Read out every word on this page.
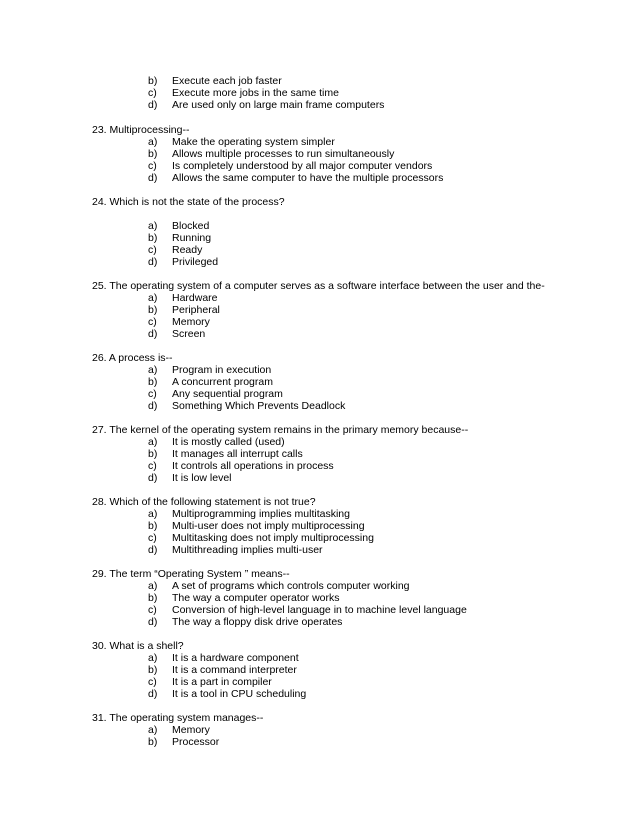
b)	Execute each job faster
c)	Execute more jobs in the same time
d)	Are used only on large main frame computers
23. Multiprocessing--
a)	Make the operating system simpler
b)	Allows multiple processes to run simultaneously
c)	Is completely understood by all major computer vendors
d)	Allows the same computer to have the multiple processors
24. Which is not the state of the process?
a)	Blocked
b)	Running
c)	Ready
d)	Privileged
25. The operating system of a computer serves as a software interface between the user and the-
a)	Hardware
b)	Peripheral
c)	Memory
d)	Screen
26. A process is--
a)	Program in execution
b)	A concurrent program
c)	Any sequential program
d)	Something Which Prevents Deadlock
27. The kernel of the operating system remains in the primary memory because--
a)	It is mostly called (used)
b)	It manages all interrupt calls
c)	It controls all operations in process
d)	It is low level
28. Which of the following statement is not true?
a)	Multiprogramming implies multitasking
b)	Multi-user does not imply multiprocessing
c)	Multitasking does not imply multiprocessing
d)	Multithreading implies multi-user
29. The term “Operating System ” means--
a)	A set of programs which controls computer working
b)	The way a computer operator works
c)	Conversion of high-level language in to machine level language
d)	The way a floppy disk drive operates
30. What is a shell?
a)	It is a hardware component
b)	It is a command interpreter
c)	It is a part in compiler
d)	It is a tool in CPU scheduling
31. The operating system manages--
a)	Memory
b)	Processor
